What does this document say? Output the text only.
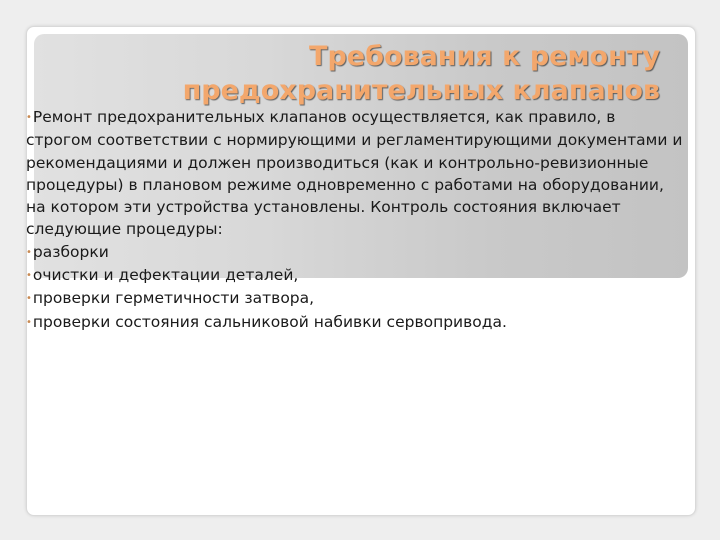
Требования к ремонту
предохранительных клапанов

•Ремонт предохранительных клапанов осуществляется, как правило, в строгом соответствии с нормирующими и регламентирующими документами и рекомендациями и должен производиться (как и контрольно-ревизионные процедуры) в плановом режиме одновременно с работами на оборудовании, на котором эти устройства установлены. Контроль состояния включает следующие процедуры:

•разборки

•очистки и дефектации деталей,

•проверки герметичности затвора,

•проверки состояния сальниковой набивки сервопривода.
